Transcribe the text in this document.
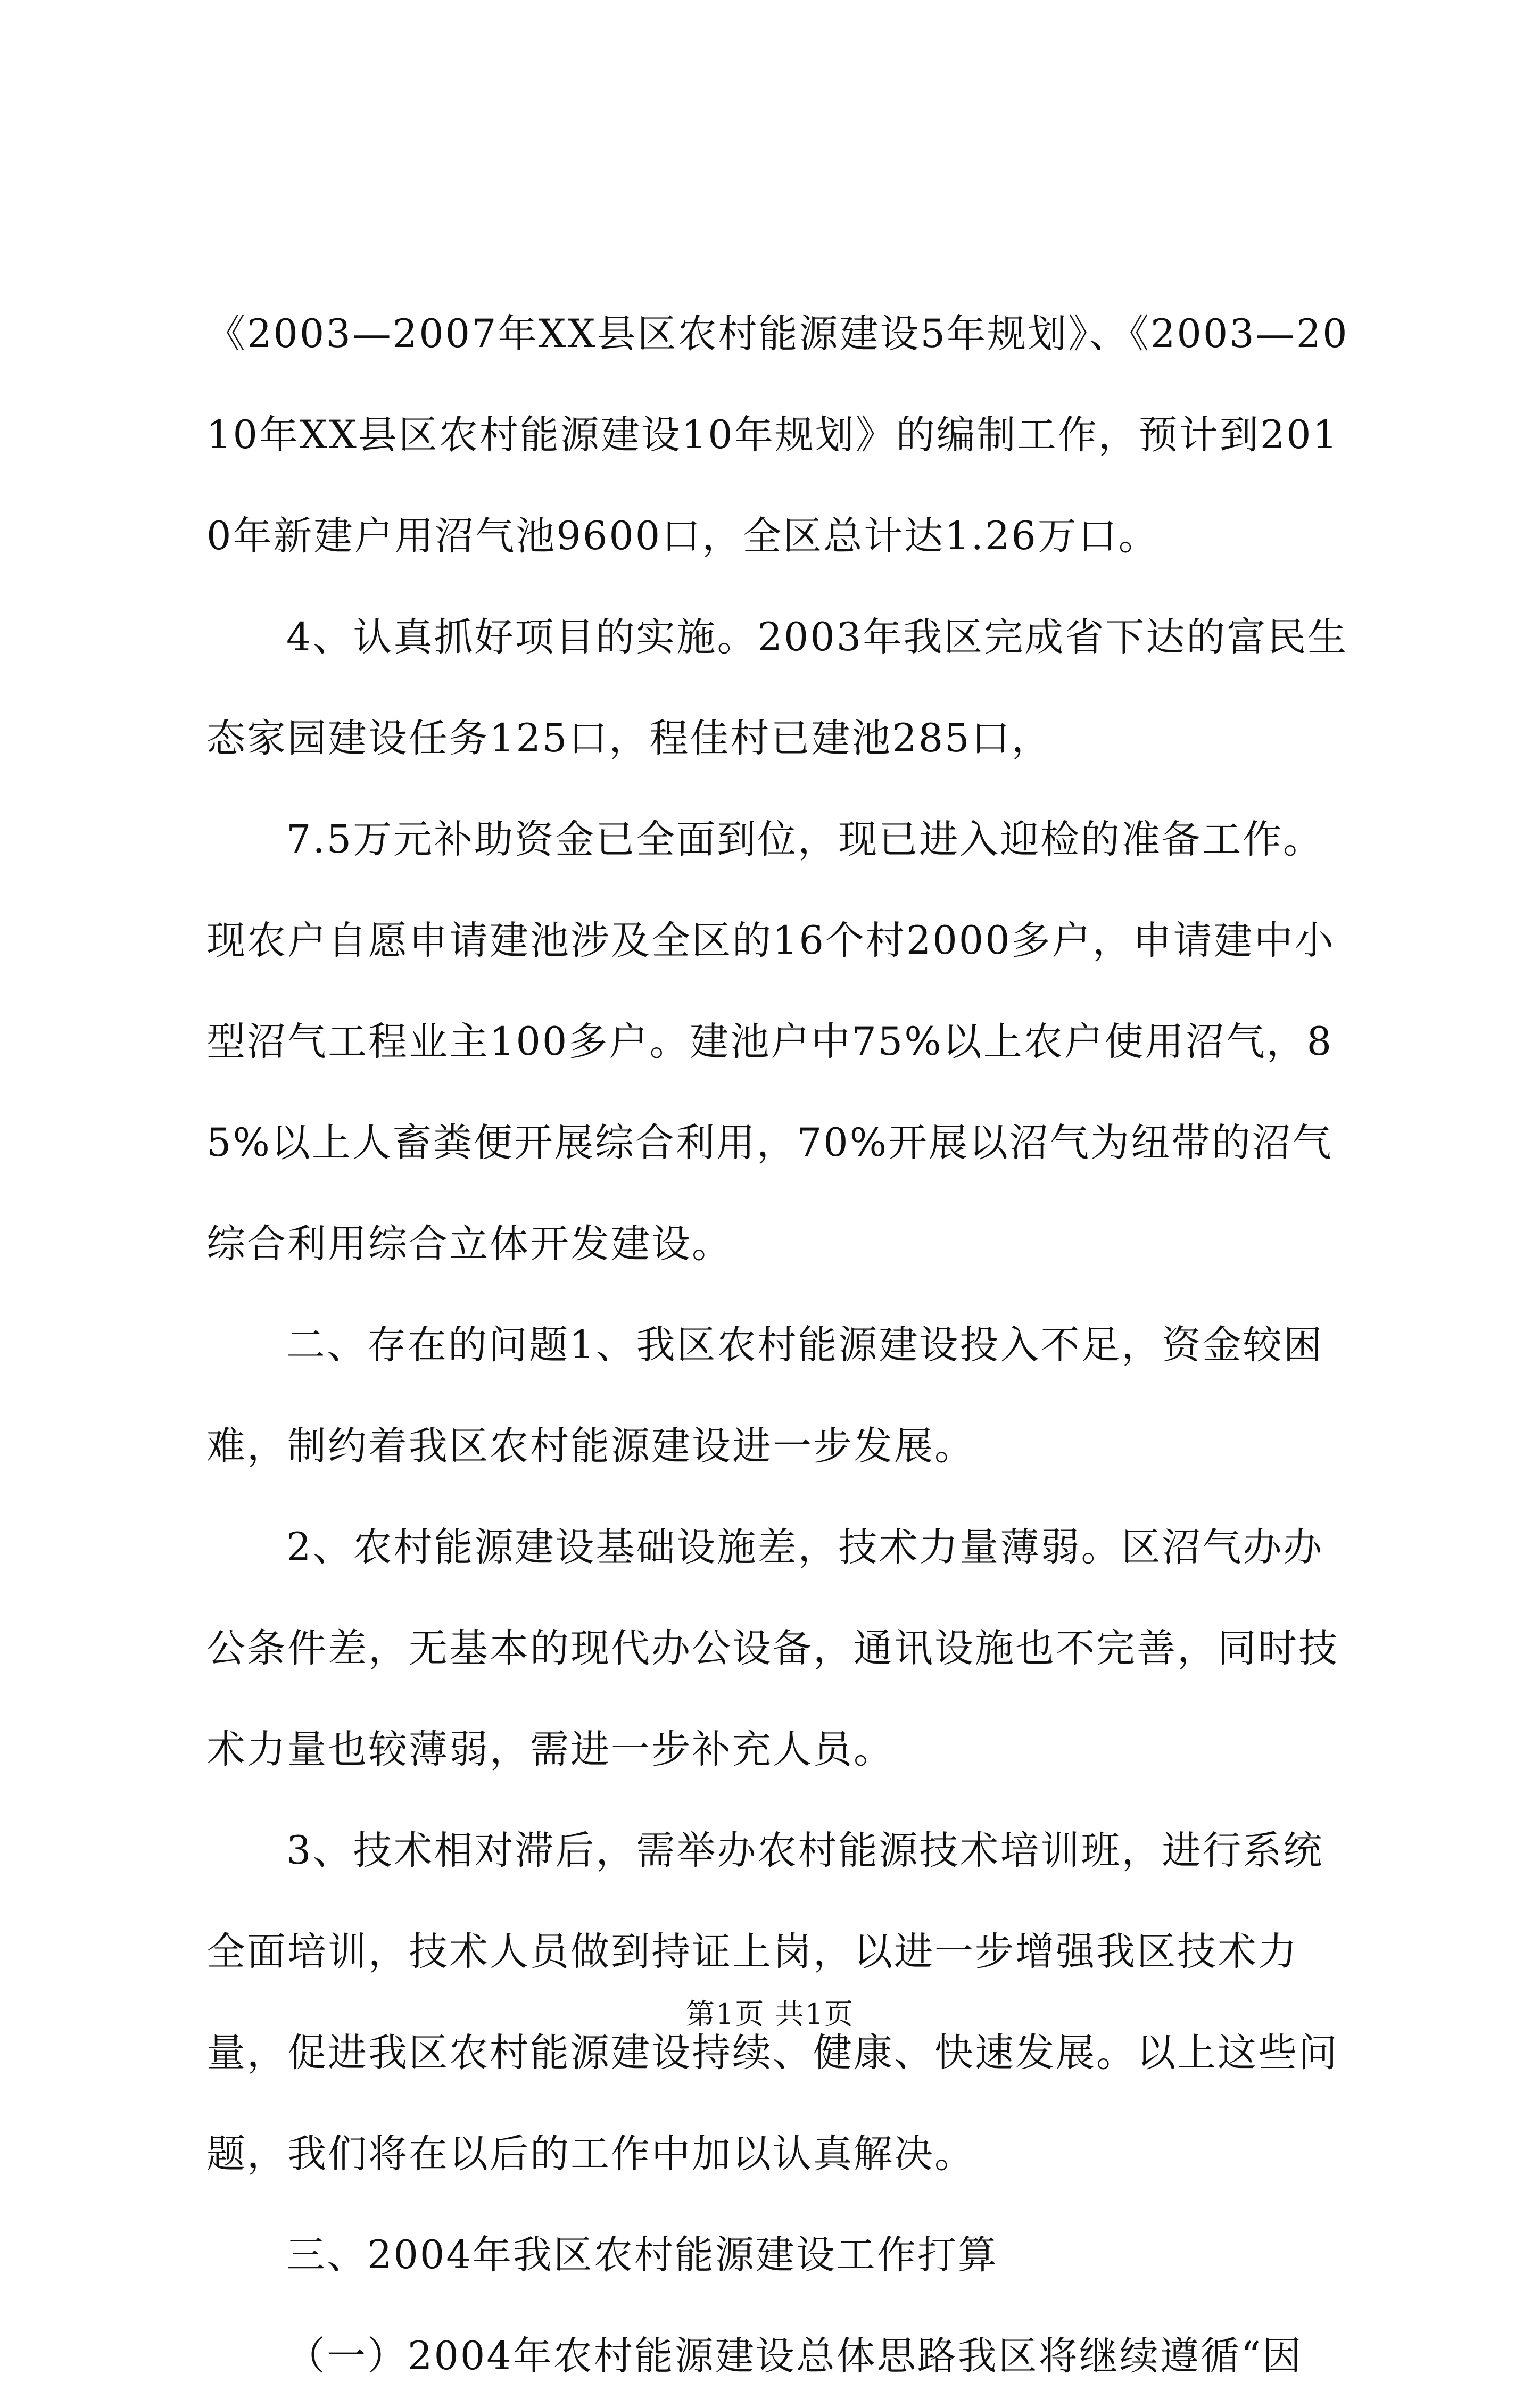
《2003—2007年XX县区农村能源建设5年规划》、《2003—2010年XX县区农村能源建设10年规划》的编制工作，预计到2010年新建户用沼气池9600口，全区总计达1.26万口。

4、认真抓好项目的实施。2003年我区完成省下达的富民生态家园建设任务125口，程佳村已建池285口，

7.5万元补助资金已全面到位，现已进入迎检的准备工作。现农户自愿申请建池涉及全区的16个村2000多户，申请建中小型沼气工程业主100多户。建池户中75%以上农户使用沼气，85%以上人畜粪便开展综合利用，70%开展以沼气为纽带的沼气综合利用综合立体开发建设。

二、存在的问题1、我区农村能源建设投入不足，资金较困难，制约着我区农村能源建设进一步发展。

2、农村能源建设基础设施差，技术力量薄弱。区沼气办办公条件差，无基本的现代办公设备，通讯设施也不完善，同时技术力量也较薄弱，需进一步补充人员。

3、技术相对滞后，需举办农村能源技术培训班，进行系统全面培训，技术人员做到持证上岗，以进一步增强我区技术力量，促进我区农村能源建设持续、健康、快速发展。以上这些问题，我们将在以后的工作中加以认真解决。

三、2004年我区农村能源建设工作打算

（一）2004年农村能源建设总体思路我区将继续遵循“因

第1页 共1页
